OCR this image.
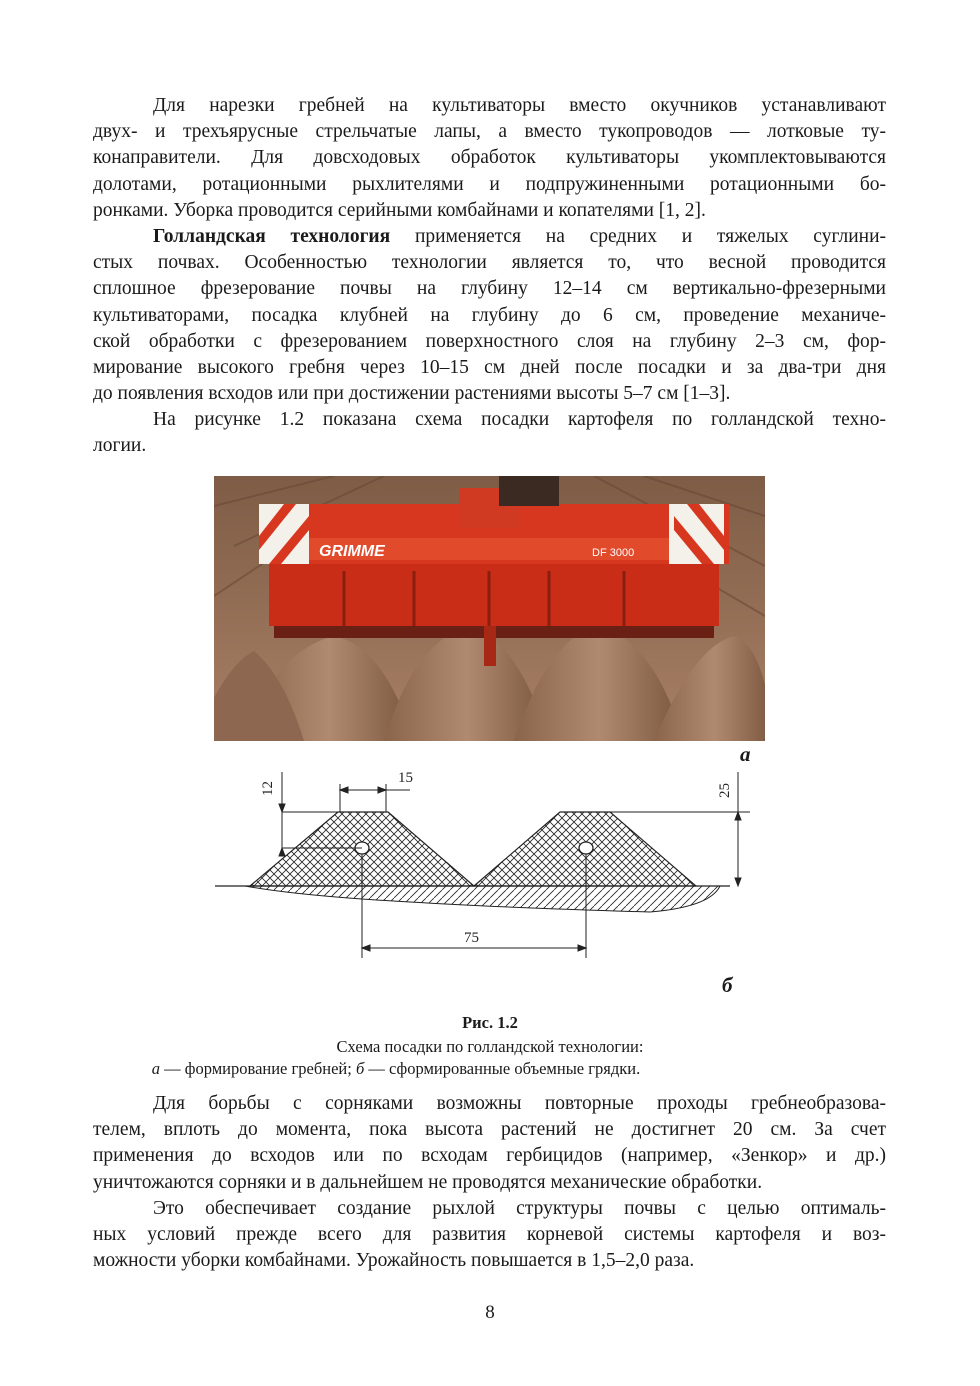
Для нарезки гребней на культиваторы вместо окучников устанавливают
двух- и трехъярусные стрельчатые лапы, а вместо тукопроводов — лотковые ту-
конаправители. Для довсходовых обработок культиваторы укомплектовываются
долотами, ротационными рыхлителями и подпружиненными ротационными бо-
ронками. Уборка проводится серийными комбайнами и копателями [1, 2].
Голландская технология применяется на средних и тяжелых суглини-
стых почвах. Особенностью технологии является то, что весной проводится
сплошное фрезерование почвы на глубину 12–14 см вертикально-фрезерными
культиваторами, посадка клубней на глубину до 6 см, проведение механиче-
ской обработки с фрезерованием поверхностного слоя на глубину 2–3 см, фор-
мирование высокого гребня через 10–15 см дней после посадки и за два-три дня
до появления всходов или при достижении растениями высоты 5–7 см [1–3].
На рисунке 1.2 показана схема посадки картофеля по голландской техно-
логии.
GRIMME	DF 3000
а
15
12	25
75
б
Рис. 1.2
Схема посадки по голландской технологии:
а — формирование гребней; б — сформированные объемные грядки.
Для борьбы с сорняками возможны повторные проходы гребнеобразова-
телем, вплоть до момента, пока высота растений не достигнет 20 см. За счет
применения до всходов или по всходам гербицидов (например, «Зенкор» и др.)
уничтожаются сорняки и в дальнейшем не проводятся механические обработки.
Это обеспечивает создание рыхлой структуры почвы с целью оптималь-
ных условий прежде всего для развития корневой системы картофеля и воз-
можности уборки комбайнами. Урожайность повышается в 1,5–2,0 раза.
8
